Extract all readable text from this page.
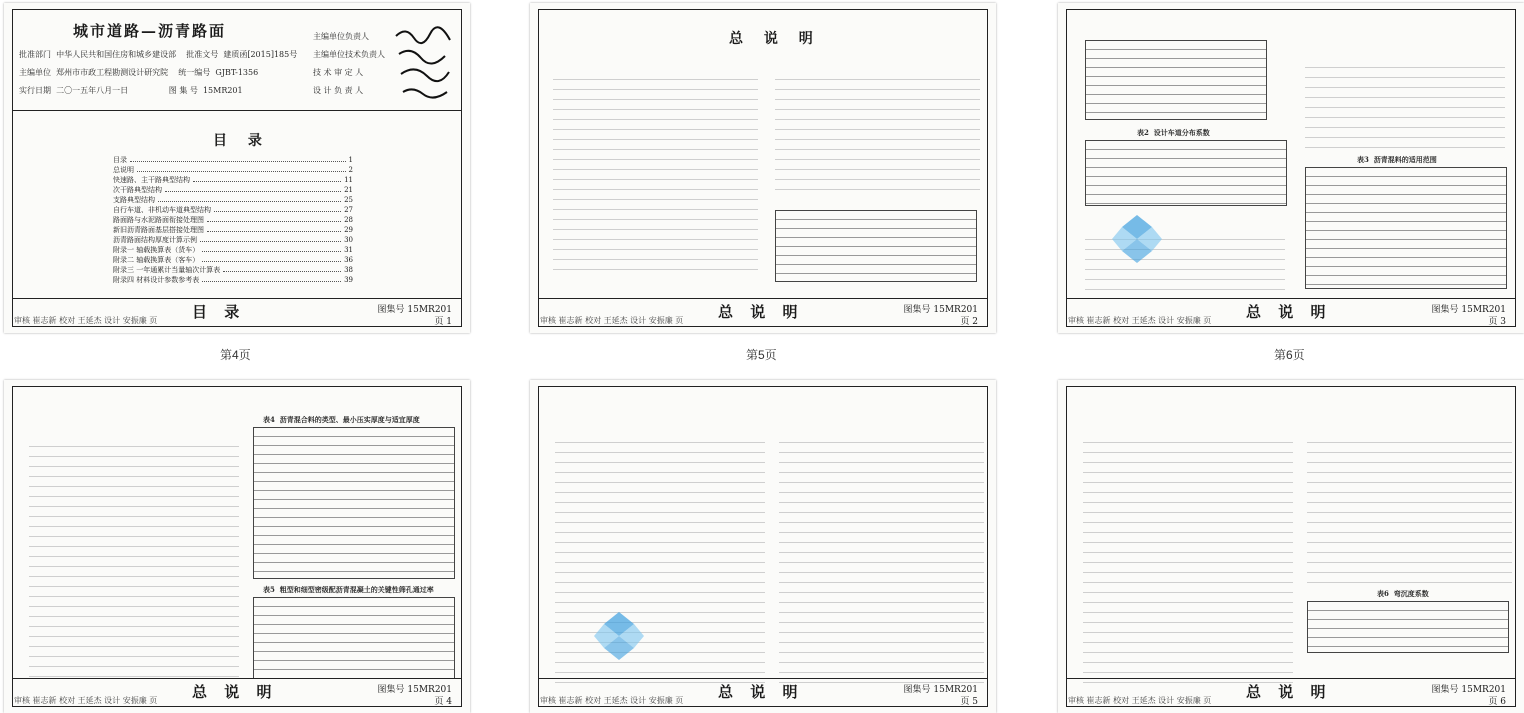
城市道路—沥青路面
批准部门  中华人民共和国住房和城乡建设部    批准文号  建质函[2015]185号
主编单位  郑州市市政工程勘测设计研究院    统一编号  GJBT-1356
实行日期  二〇一五年八月一日                图 集 号  15MR201
主编单位负责人
主编单位技术负责人
技 术 审 定 人
设 计 负 责 人
目 录
目录	1
总说明	2
快速路、主干路典型结构	11
次干路典型结构	21
支路典型结构	25
自行车道、非机动车道典型结构	27
路面路与水泥路面衔接处理图	28
新旧沥青路面基层搭接处理图	29
沥青路面结构厚度计算示例	30
附录一 轴载换算表（货车）	31
附录二 轴载换算表（客车）	36
附录三 一年通累计当量轴次计算表	38
附录四 材料设计参数参考表	39
目 录	图集号 15MR201
页 1
审核 崔志新 校对 王延杰 设计 安振廉 页
第4页
总 说 明

总 说 明	图集号 15MR201
页 2
审核 崔志新 校对 王延杰 设计 安振廉 页
第5页
表2  设计车道分布系数

表3  沥青混料的适用范围
总 说 明	图集号 15MR201
页 3
审核 崔志新 校对 王延杰 设计 安振廉 页
第6页

表4  沥青混合料的类型、最小压实厚度与适宜厚度
表5  粗型和细型密级配沥青混凝土的关键性筛孔通过率
总 说 明	图集号 15MR201
页 4
审核 崔志新 校对 王延杰 设计 安振廉 页

	总 说 明	图集号 15MR201
页 5
审核 崔志新 校对 王延杰 设计 安振廉 页

表6  弯沉度系数

总 说 明	图集号 15MR201
页 6
审核 崔志新 校对 王延杰 设计 安振廉 页
